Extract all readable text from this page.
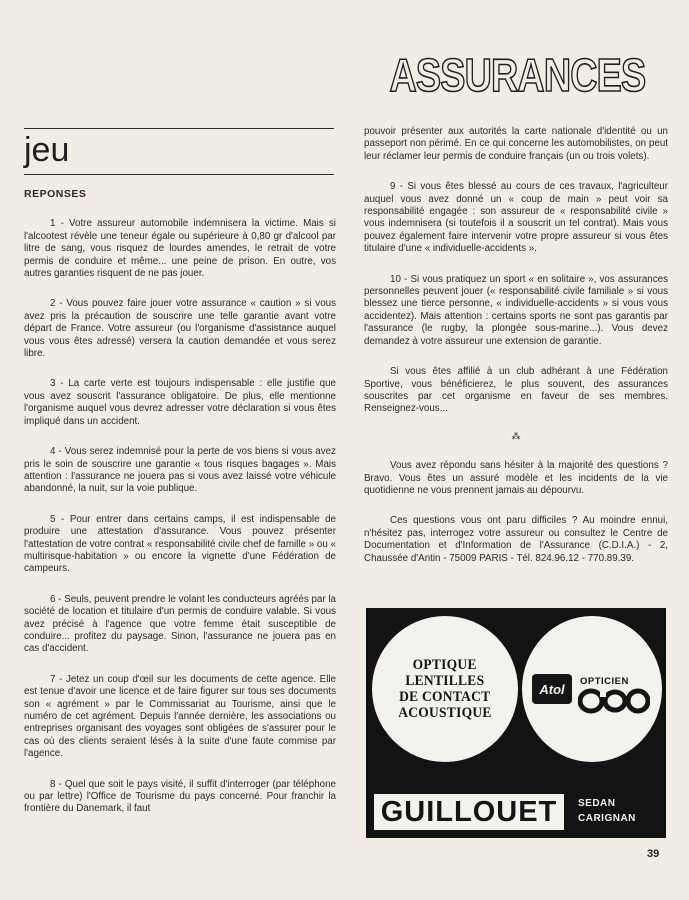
ASSURANCES
jeu

REPONSES

1 - Votre assureur automobile indemnisera la victime. Mais si l'alcootest révèle une teneur égale ou supérieure à 0,80 gr d'alcool par litre de sang, vous risquez de lourdes amendes, le retrait de votre permis de conduire et même... une peine de prison. En outre, vos autres garanties risquent de ne pas jouer.

2 - Vous pouvez faire jouer votre assurance « caution » si vous avez pris la précaution de souscrire une telle garantie avant votre départ de France. Votre assureur (ou l'organisme d'assistance auquel vous vous êtes adressé) versera la caution demandée et vous serez libre.

3 - La carte verte est toujours indispensable : elle justifie que vous avez souscrit l'assurance obligatoire. De plus, elle mentionne l'organisme auquel vous devrez adresser votre déclaration si vous êtes impliqué dans un accident.

4 - Vous serez indemnisé pour la perte de vos biens si vous avez pris le soin de souscrire une garantie « tous risques bagages ». Mais attention : l'assurance ne jouera pas si vous avez laissé votre véhicule abandonné, la nuit, sur la voie publique.

5 - Pour entrer dans certains camps, il est indispensable de produire une attestation d'assurance. Vous pouvez présenter l'attestation de votre contrat « responsabilité civile chef de famille » ou « multirisque-habitation » ou encore la vignette d'une Fédération de campeurs.

6 - Seuls, peuvent prendre le volant les conducteurs agréés par la société de location et titulaire d'un permis de conduire valable. Si vous avez précisé à l'agence que votre femme était susceptible de conduire... profitez du paysage. Sinon, l'assurance ne jouera pas en cas d'accident.

7 - Jetez un coup d'œil sur les documents de cette agence. Elle est tenue d'avoir une licence et de faire figurer sur tous ses documents son « agrément » par le Commissariat au Tourisme, ainsi que le numéro de cet agrément. Depuis l'année dernière, les associations ou entreprises organisant des voyages sont obligées de s'assurer pour le cas où des clients seraient lésés à la suite d'une faute commise par l'agence.

8 - Quel que soit le pays visité, il suffit d'interroger (par téléphone ou par lettre) l'Office de Tourisme du pays concerné. Pour franchir la frontière du Danemark, il faut

pouvoir présenter aux autorités la carte nationale d'identité ou un passeport non périmé. En ce qui concerne les automobilistes, on peut leur réclamer leur permis de conduire français (un ou trois volets).

9 - Si vous êtes blessé au cours de ces travaux, l'agriculteur auquel vous avez donné un « coup de main » peut voir sa responsabilité engagée : son assureur de « responsabilité civile » vous indemnisera (si toutefois il a souscrit un tel contrat). Mais vous pouvez également faire intervenir votre propre assureur si vous êtes titulaire d'une « individuelle-accidents ».

10 - Si vous pratiquez un sport « en solitaire », vos assurances personnelles peuvent jouer (« responsabilité civile familiale » si vous blessez une tierce personne, « individuelle-accidents » si vous vous accidentez). Mais attention : certains sports ne sont pas garantis par l'assurance (le rugby, la plongée sous-marine...). Vous devez demandez à votre assureur une extension de garantie.

Si vous êtes affilié à un club adhérant à une Fédération Sportive, vous bénéficierez, le plus souvent, des assurances souscrites par cet organisme en faveur de ses membres. Renseignez-vous...

⁂

Vous avez répondu sans hésiter à la majorité des questions ? Bravo. Vous êtes un assuré modèle et les incidents de la vie quotidienne ne vous prennent jamais au dépourvu.

Ces questions vous ont paru difficiles ? Au moindre ennui, n'hésitez pas, interrogez votre assureur ou consultez le Centre de Documentation et d'Information de l'Assurance (C.D.I.A.) - 2, Chaussée d'Antin - 75009 PARIS - Tél. 824.96.12 - 770.89.39.

OPTIQUE
LENTILLES
DE CONTACT
ACOUSTIQUE
Atol	OPTICIEN
GUILLOUET	SEDAN
CARIGNAN
39
